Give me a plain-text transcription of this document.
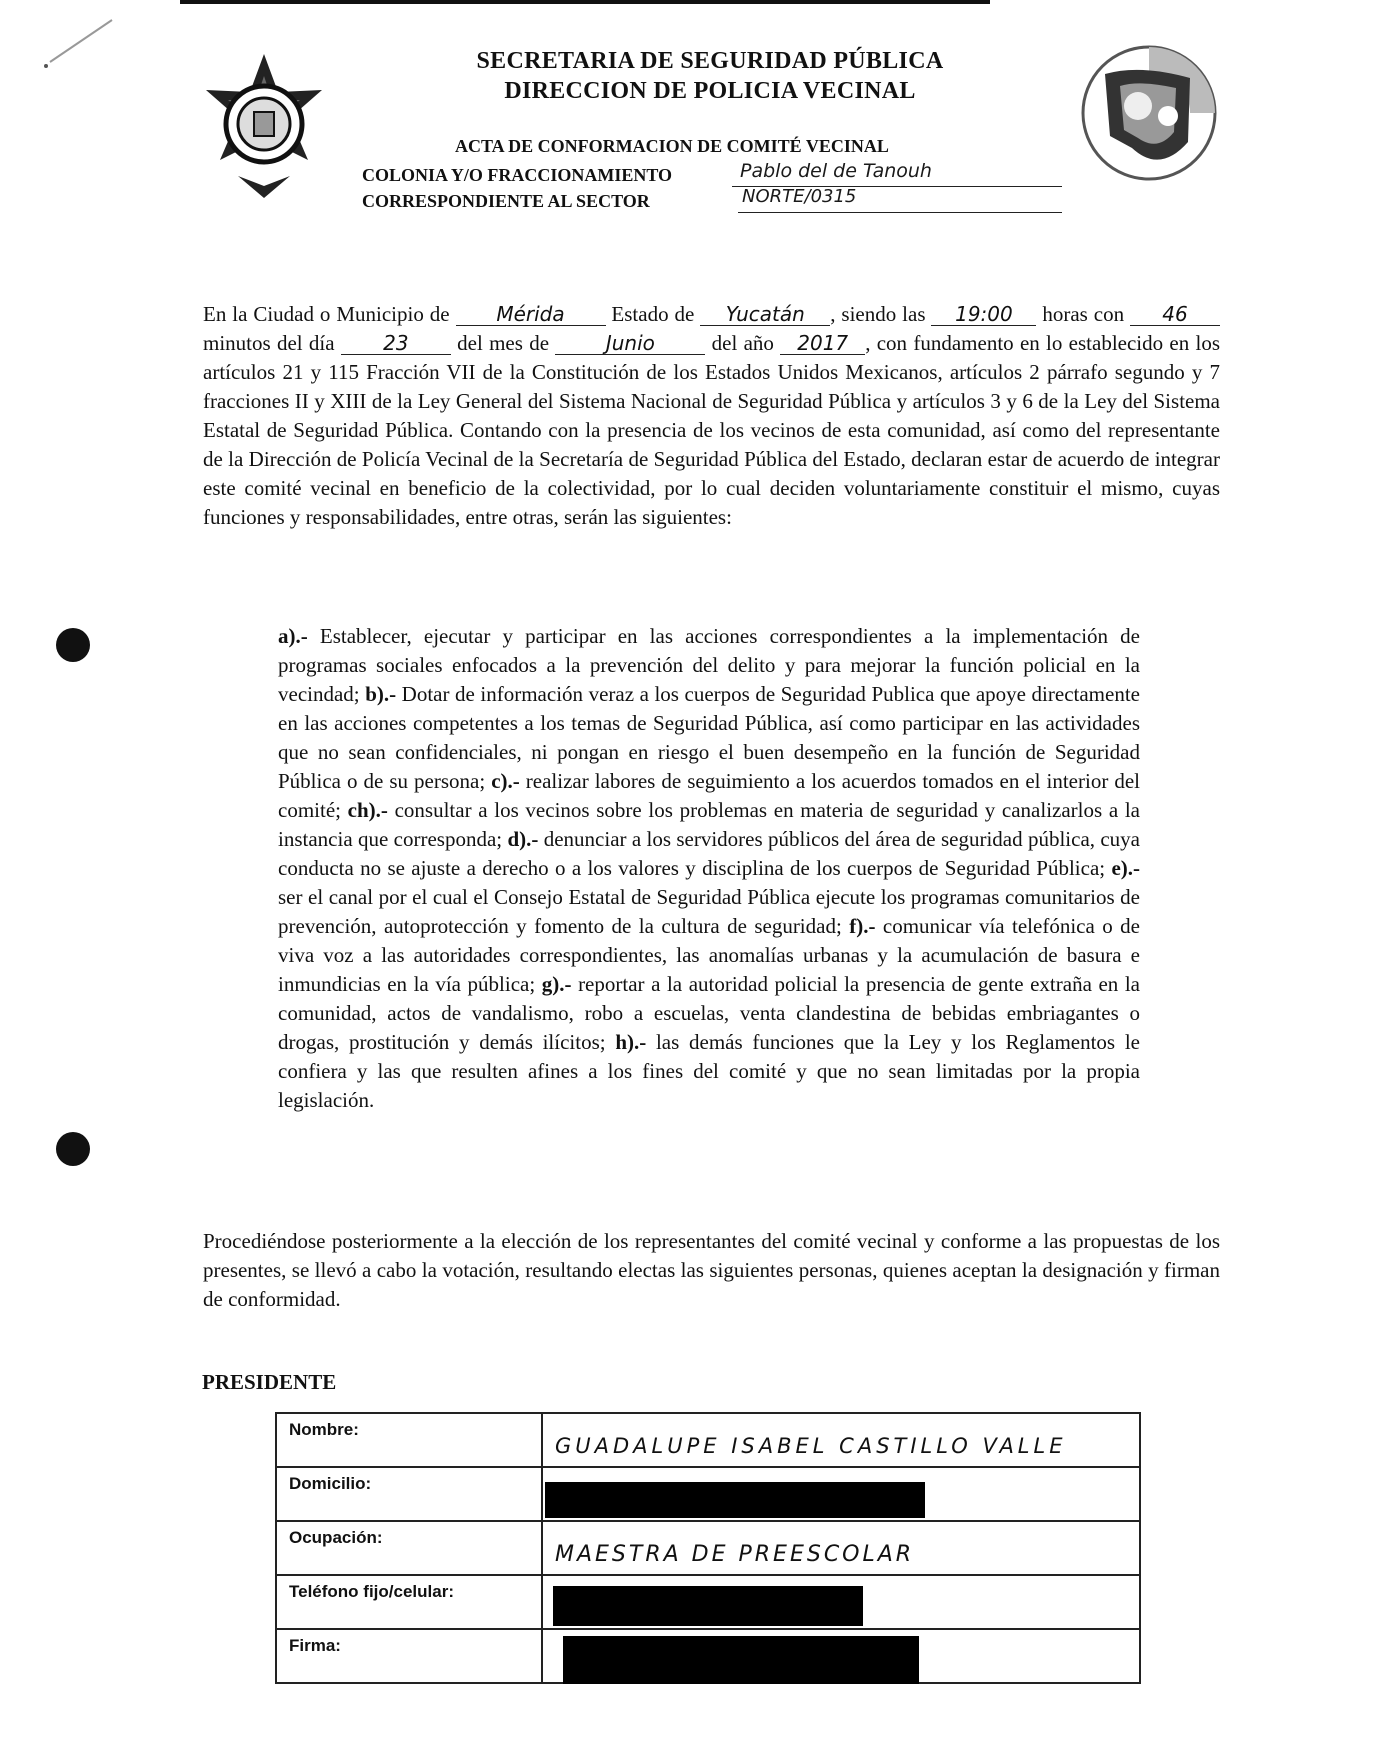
SECRETARIA DE SEGURIDAD PÚBLICA
DIRECCION DE POLICIA VECINAL
ACTA DE CONFORMACION DE COMITÉ VECINAL
COLONIA Y/O FRACCIONAMIENTO	Pablo del de Tanouh
CORRESPONDIENTE AL SECTOR	NORTE/0315
En la Ciudad o Municipio de Mérida Estado de Yucatán , siendo las 19:00 horas con 46 minutos del día 23 del mes de	Junio	del año 2017 , con fundamento en lo establecido en los artículos 21 y 115 Fracción VII de la Constitución de los Estados Unidos Mexicanos, artículos 2 párrafo segundo y 7 fracciones II y XIII de la Ley General del Sistema Nacional de Seguridad Pública y artículos 3 y 6 de la Ley del Sistema Estatal de Seguridad Pública. Contando con la presencia de los vecinos de esta comunidad, así como del representante de la Dirección de Policía Vecinal de la Secretaría de Seguridad Pública del Estado, declaran estar de acuerdo de integrar este comité vecinal en beneficio de la colectividad, por lo cual deciden voluntariamente constituir el mismo, cuyas funciones y responsabilidades, entre otras, serán las siguientes:
a).- Establecer, ejecutar y participar en las acciones correspondientes a la implementación de programas sociales enfocados a la prevención del delito y para mejorar la función policial en la vecindad; b).- Dotar de información veraz a los cuerpos de Seguridad Publica que apoye directamente en las acciones competentes a los temas de Seguridad Pública, así como participar en las actividades que no sean confidenciales, ni pongan en riesgo el buen desempeño en la función de Seguridad Pública o de su persona; c).- realizar labores de seguimiento a los acuerdos tomados en el interior del comité; ch).- consultar a los vecinos sobre los problemas en materia de seguridad y canalizarlos a la instancia que corresponda; d).- denunciar a los servidores públicos del área de seguridad pública, cuya conducta no se ajuste a derecho o a los valores y disciplina de los cuerpos de Seguridad Pública; e).- ser el canal por el cual el Consejo Estatal de Seguridad Pública ejecute los programas comunitarios de prevención, autoprotección y fomento de la cultura de seguridad; f).- comunicar vía telefónica o de viva voz a las autoridades correspondientes, las anomalías urbanas y la acumulación de basura e inmundicias en la vía pública; g).- reportar a la autoridad policial la presencia de gente extraña en la comunidad, actos de vandalismo, robo a escuelas, venta clandestina de bebidas embriagantes o drogas, prostitución y demás ilícitos; h).- las demás funciones que la Ley y los Reglamentos le confiera y las que resulten afines a los fines del comité y que no sean limitadas por la propia legislación.
Procediéndose posteriormente a la elección de los representantes del comité vecinal y conforme a las propuestas de los presentes, se llevó a cabo la votación, resultando electas las siguientes personas, quienes aceptan la designación y firman de conformidad.
PRESIDENTE
Nombre:	GUADALUPE ISABEL CASTILLO VALLE

Domicilio:	

Ocupación:	MAESTRA DE PREESCOLAR

Teléfono fijo/celular:	

Firma:	
